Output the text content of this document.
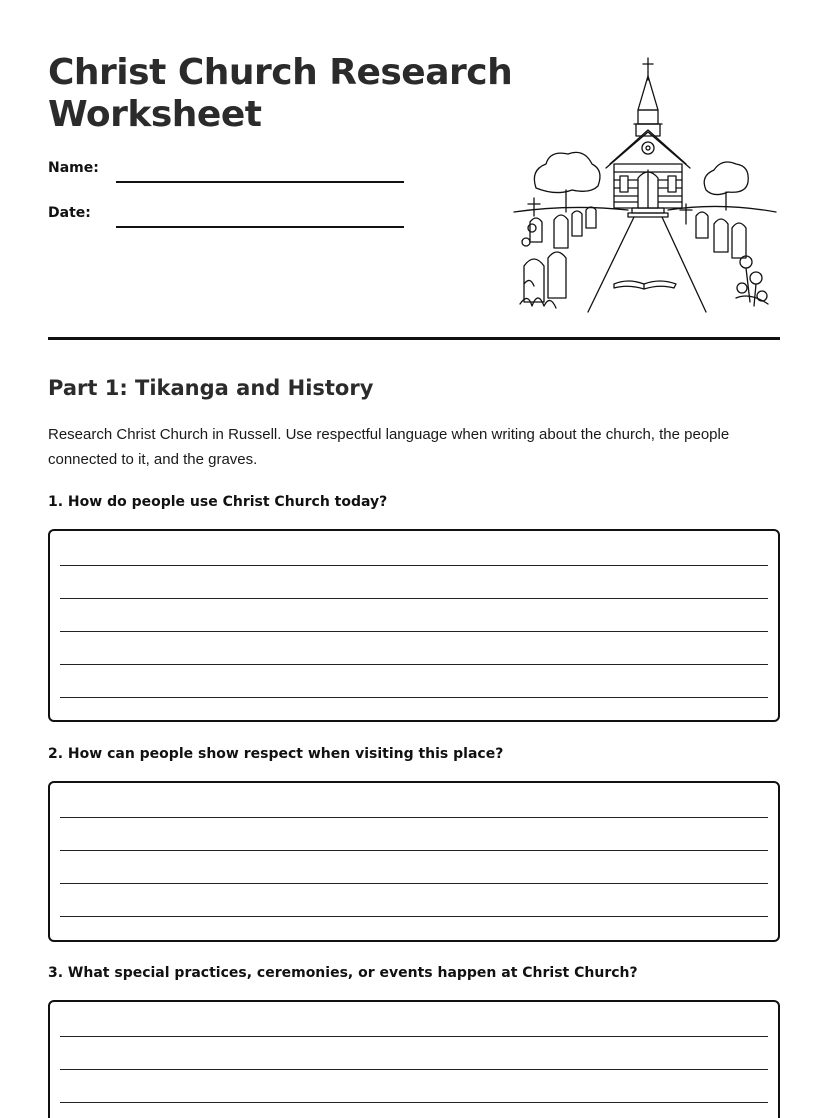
Christ Church Research
Worksheet
Name:
Date:
Part 1: Tikanga and History
Research Christ Church in Russell. Use respectful language when writing about the church, the people
connected to it, and the graves.
1. How do people use Christ Church today?
2. How can people show respect when visiting this place?
3. What special practices, ceremonies, or events happen at Christ Church?
